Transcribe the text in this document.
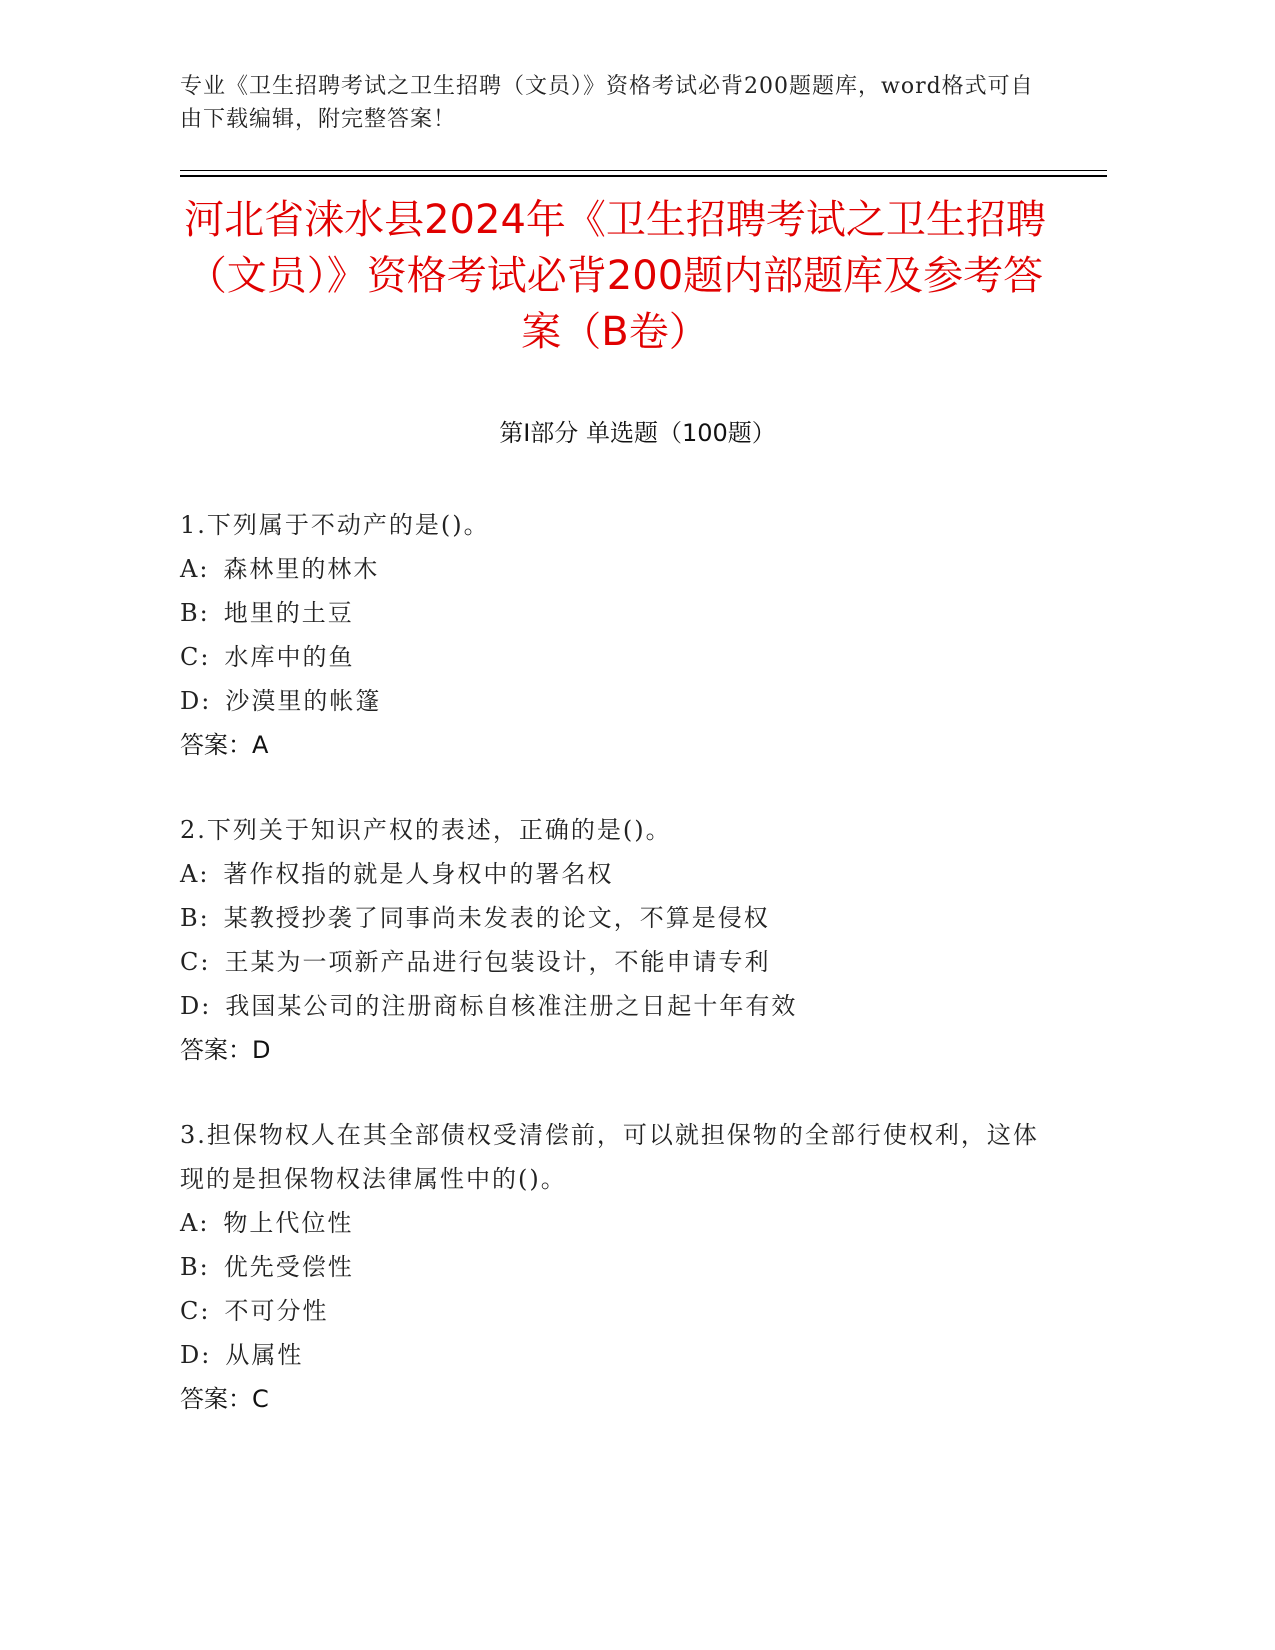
专业《卫生招聘考试之卫生招聘（文员）》资格考试必背200题题库，word格式可自由下载编辑，附完整答案！
河北省涞水县2024年《卫生招聘考试之卫生招聘（文员）》资格考试必背200题内部题库及参考答案（B卷）
第Ⅰ部分 单选题（100题）
1.下列属于不动产的是()。
A: 森林里的林木
B: 地里的土豆
C: 水库中的鱼
D: 沙漠里的帐篷
答案：A
2.下列关于知识产权的表述，正确的是()。
A: 著作权指的就是人身权中的署名权
B: 某教授抄袭了同事尚未发表的论文，不算是侵权
C: 王某为一项新产品进行包装设计，不能申请专利
D: 我国某公司的注册商标自核准注册之日起十年有效
答案：D
3.担保物权人在其全部债权受清偿前，可以就担保物的全部行使权利，这体现的是担保物权法律属性中的()。
A: 物上代位性
B: 优先受偿性
C: 不可分性
D: 从属性
答案：C
